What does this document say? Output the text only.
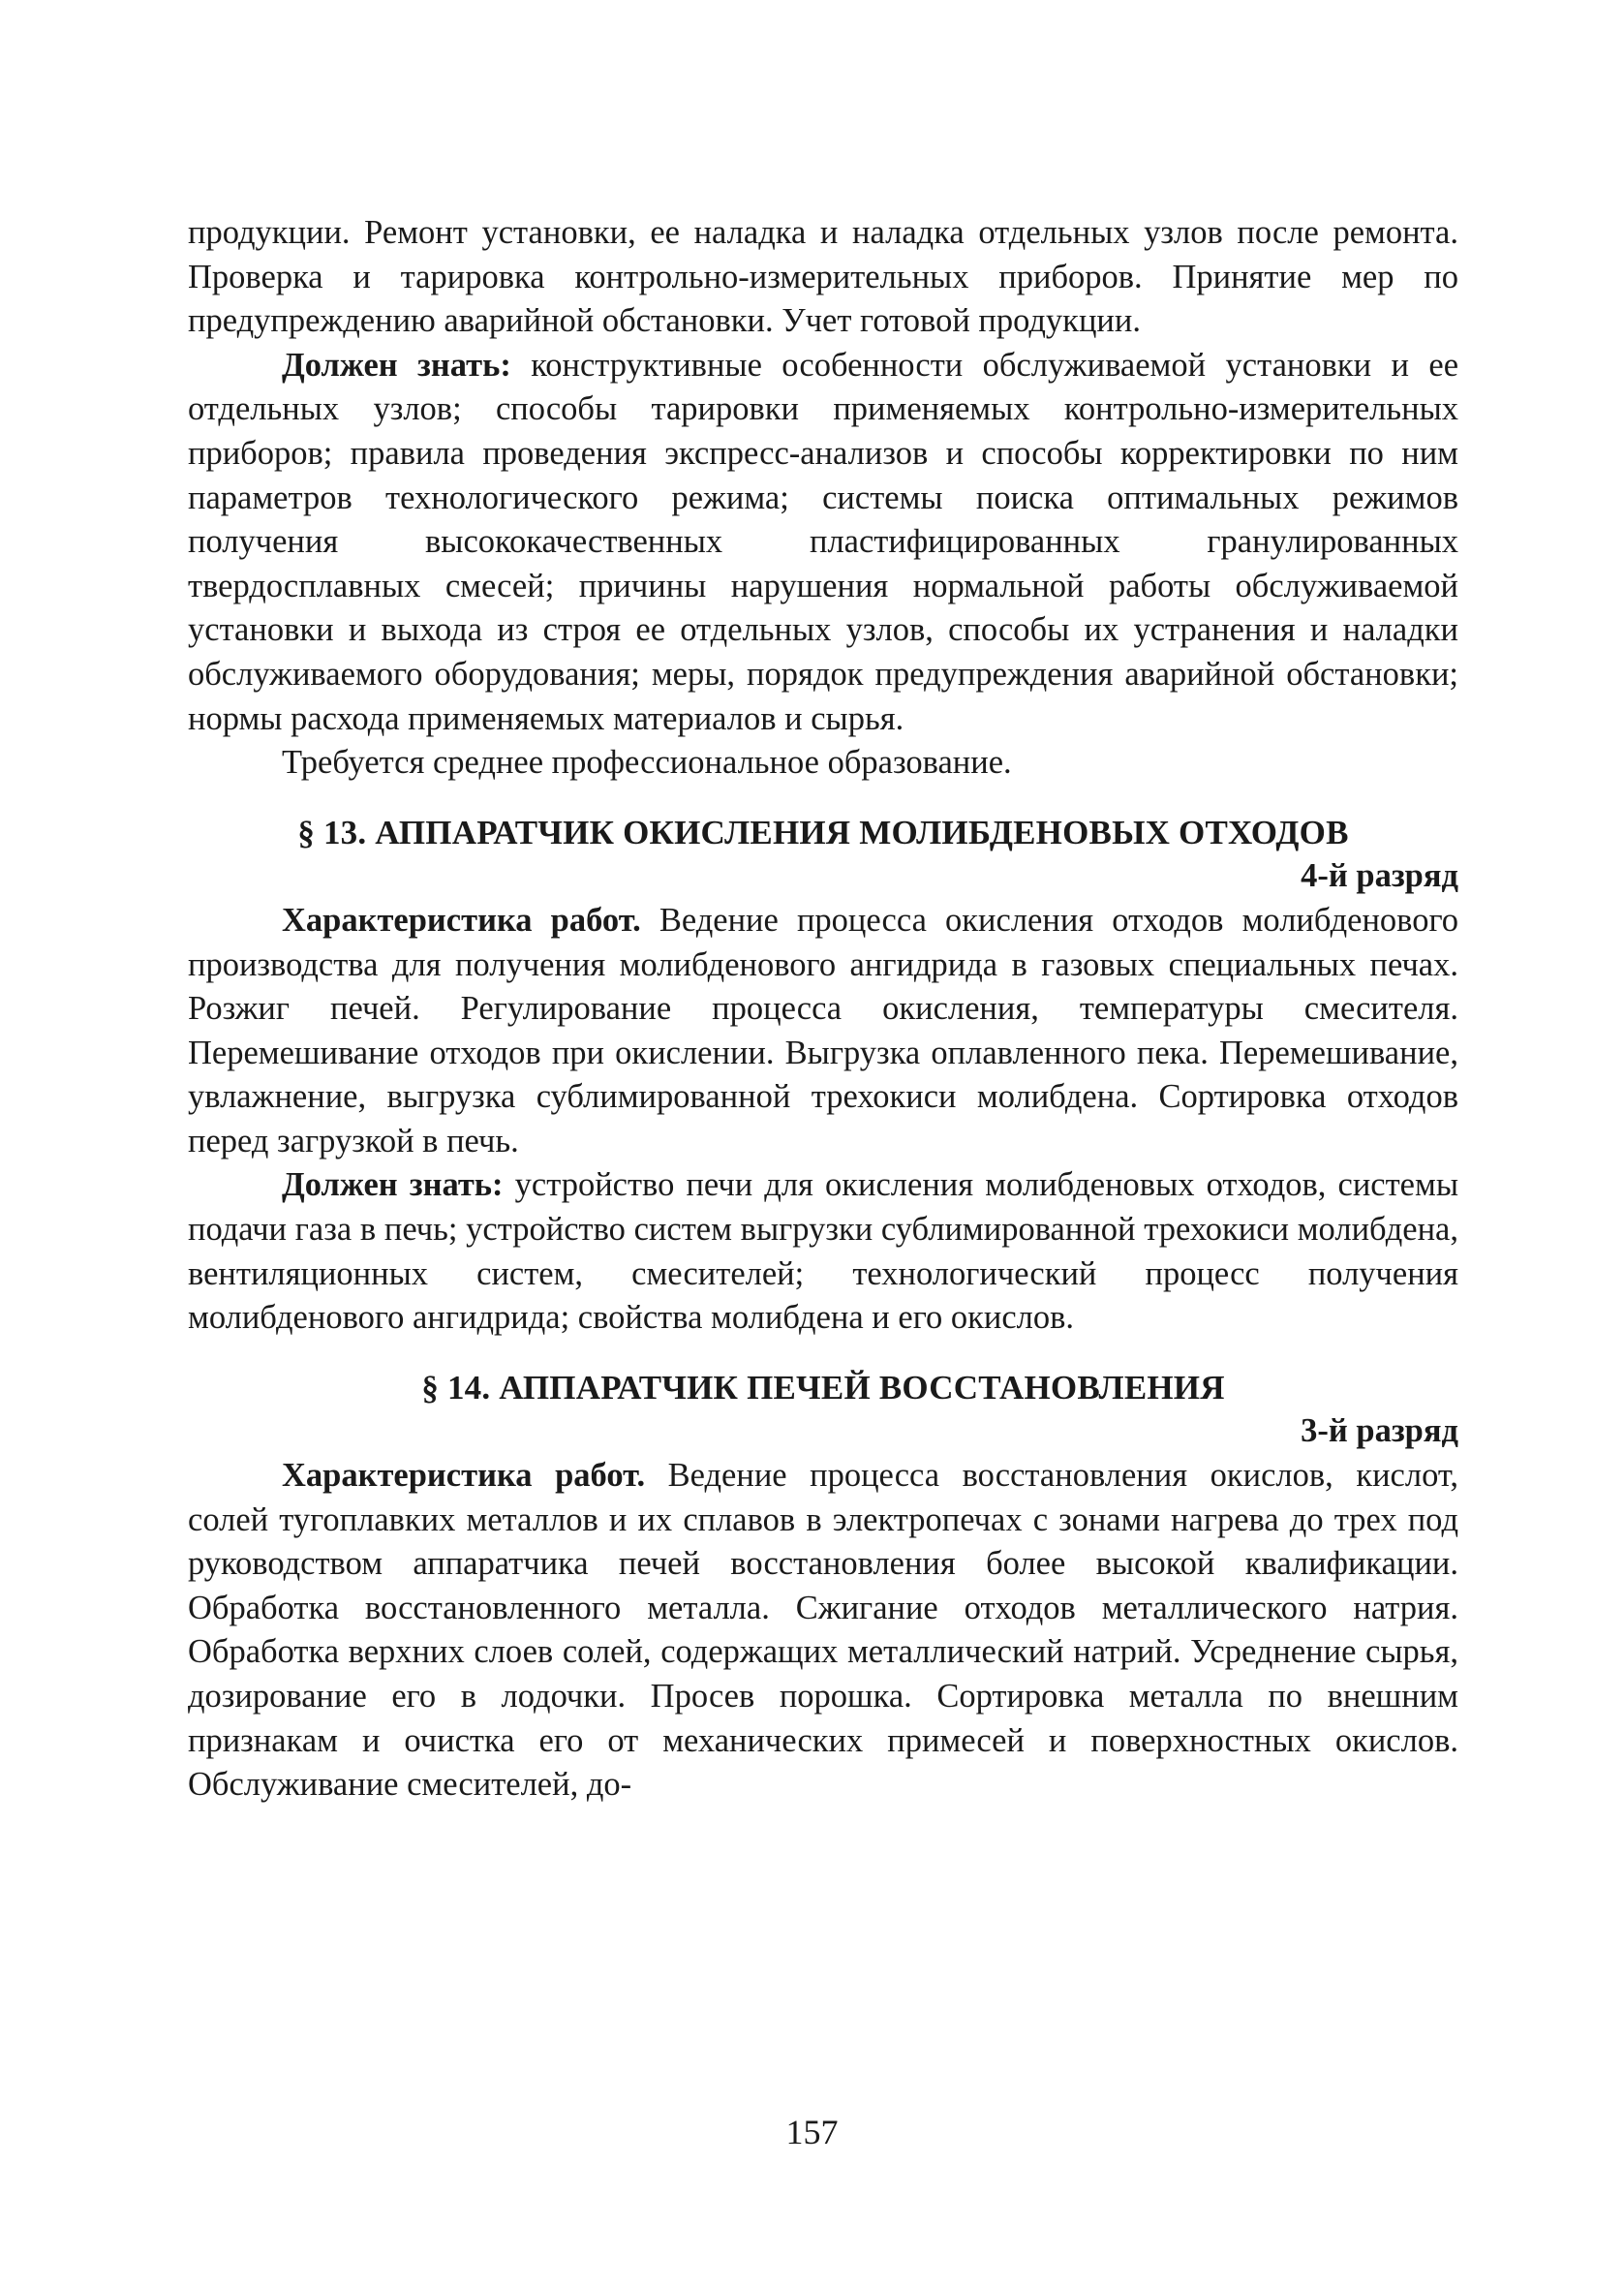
продукции. Ремонт установки, ее наладка и наладка отдельных узлов после ремонта. Проверка и тарировка контрольно-измерительных приборов. Принятие мер по предупреждению аварийной обстановки. Учет готовой продукции.

Должен знать: конструктивные особенности обслуживаемой установки и ее отдельных узлов; способы тарировки применяемых контрольно-измерительных приборов; правила проведения экспресс-анализов и способы корректировки по ним параметров технологического режима; системы поиска оптимальных режимов получения высококачественных пластифицированных гранулированных твердосплавных смесей; причины нарушения нормальной работы обслуживаемой установки и выхода из строя ее отдельных узлов, способы их устранения и наладки обслуживаемого оборудования; меры, порядок предупреждения аварийной обстановки; нормы расхода применяемых материалов и сырья.

Требуется среднее профессиональное образование.

§ 13. АППАРАТЧИК ОКИСЛЕНИЯ МОЛИБДЕНОВЫХ ОТХОДОВ

4-й разряд

Характеристика работ. Ведение процесса окисления отходов молибденового производства для получения молибденового ангидрида в газовых специальных печах. Розжиг печей. Регулирование процесса окисления, температуры смесителя. Перемешивание отходов при окислении. Выгрузка оплавленного пека. Перемешивание, увлажнение, выгрузка сублимированной трехокиси молибдена. Сортировка отходов перед загрузкой в печь.

Должен знать: устройство печи для окисления молибденовых отходов, системы подачи газа в печь; устройство систем выгрузки сублимированной трехокиси молибдена, вентиляционных систем, смесителей; технологический процесс получения молибденового ангидрида; свойства молибдена и его окислов.

§ 14. АППАРАТЧИК ПЕЧЕЙ ВОССТАНОВЛЕНИЯ

3-й разряд

Характеристика работ. Ведение процесса восстановления окислов, кислот, солей тугоплавких металлов и их сплавов в электропечах с зонами нагрева до трех под руководством аппаратчика печей восстановления более высокой квалификации. Обработка восстановленного металла. Сжигание отходов металлического натрия. Обработка верхних слоев солей, содержащих металлический натрий. Усреднение сырья, дозирование его в лодочки. Просев порошка. Сортировка металла по внешним признакам и очистка его от механических примесей и поверхностных окислов. Обслуживание смесителей, до-

157
